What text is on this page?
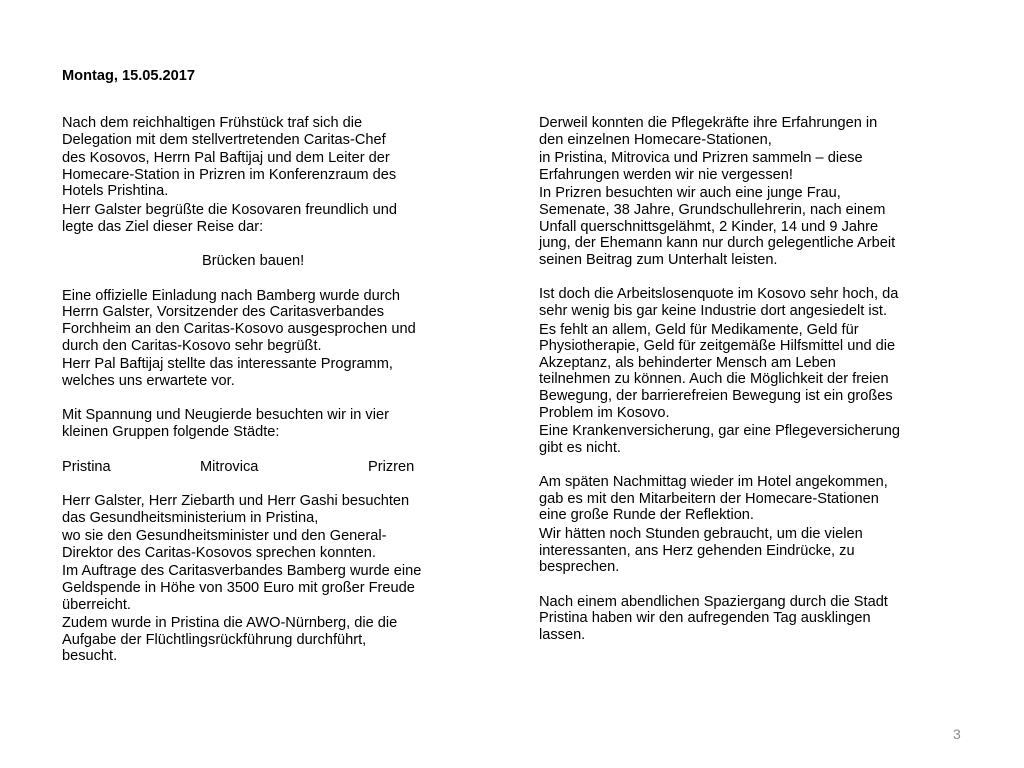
Montag, 15.05.2017

Nach dem reichhaltigen Frühstück traf sich die
Delegation mit dem stellvertretenden Caritas-Chef

des Kosovos, Herrn Pal Baftijaj und dem Leiter der
Homecare-Station in Prizren im Konferenzraum des
Hotels Prishtina.

Herr Galster begrüßte die Kosovaren freundlich und
legte das Ziel dieser Reise dar:

Brücken bauen!

Eine offizielle Einladung nach Bamberg wurde durch
Herrn Galster, Vorsitzender des Caritasverbandes
Forchheim an den Caritas-Kosovo ausgesprochen und
durch den Caritas-Kosovo sehr begrüßt.

Herr Pal Baftijaj stellte das interessante Programm,
welches uns erwartete vor.

Mit Spannung und Neugierde besuchten wir in vier
kleinen Gruppen folgende Städte:

Pristina	Mitrovica	Prizren

Herr Galster, Herr Ziebarth und Herr Gashi besuchten
das Gesundheitsministerium in Pristina,

wo sie den Gesundheitsminister und den General-
Direktor des Caritas-Kosovos sprechen konnten.

Im Auftrage des Caritasverbandes Bamberg wurde eine
Geldspende in Höhe von 3500 Euro mit großer Freude
überreicht.

Zudem wurde in Pristina die AWO-Nürnberg, die die
Aufgabe der Flüchtlingsrückführung durchführt,
besucht.

Derweil konnten die Pflegekräfte ihre Erfahrungen in
den einzelnen Homecare-Stationen,

in Pristina, Mitrovica und Prizren sammeln – diese
Erfahrungen werden wir nie vergessen!

In Prizren besuchten wir auch eine junge Frau,
Semenate, 38 Jahre, Grundschullehrerin, nach einem
Unfall querschnittsgelähmt, 2 Kinder, 14 und 9 Jahre
jung, der Ehemann kann nur durch gelegentliche Arbeit
seinen Beitrag zum Unterhalt leisten.

Ist doch die Arbeitslosenquote im Kosovo sehr hoch, da
sehr wenig bis gar keine Industrie dort angesiedelt ist.

Es fehlt an allem, Geld für Medikamente, Geld für
Physiotherapie, Geld für zeitgemäße Hilfsmittel und die
Akzeptanz, als behinderter Mensch am Leben
teilnehmen zu können. Auch die Möglichkeit der freien
Bewegung, der barrierefreien Bewegung ist ein großes
Problem im Kosovo.

Eine Krankenversicherung, gar eine Pflegeversicherung
gibt es nicht.

Am späten Nachmittag wieder im Hotel angekommen,
gab es mit den Mitarbeitern der Homecare-Stationen
eine große Runde der Reflektion.

Wir hätten noch Stunden gebraucht, um die vielen
interessanten, ans Herz gehenden Eindrücke, zu
besprechen.

Nach einem abendlichen Spaziergang durch die Stadt
Pristina haben wir den aufregenden Tag ausklingen
lassen.

3
